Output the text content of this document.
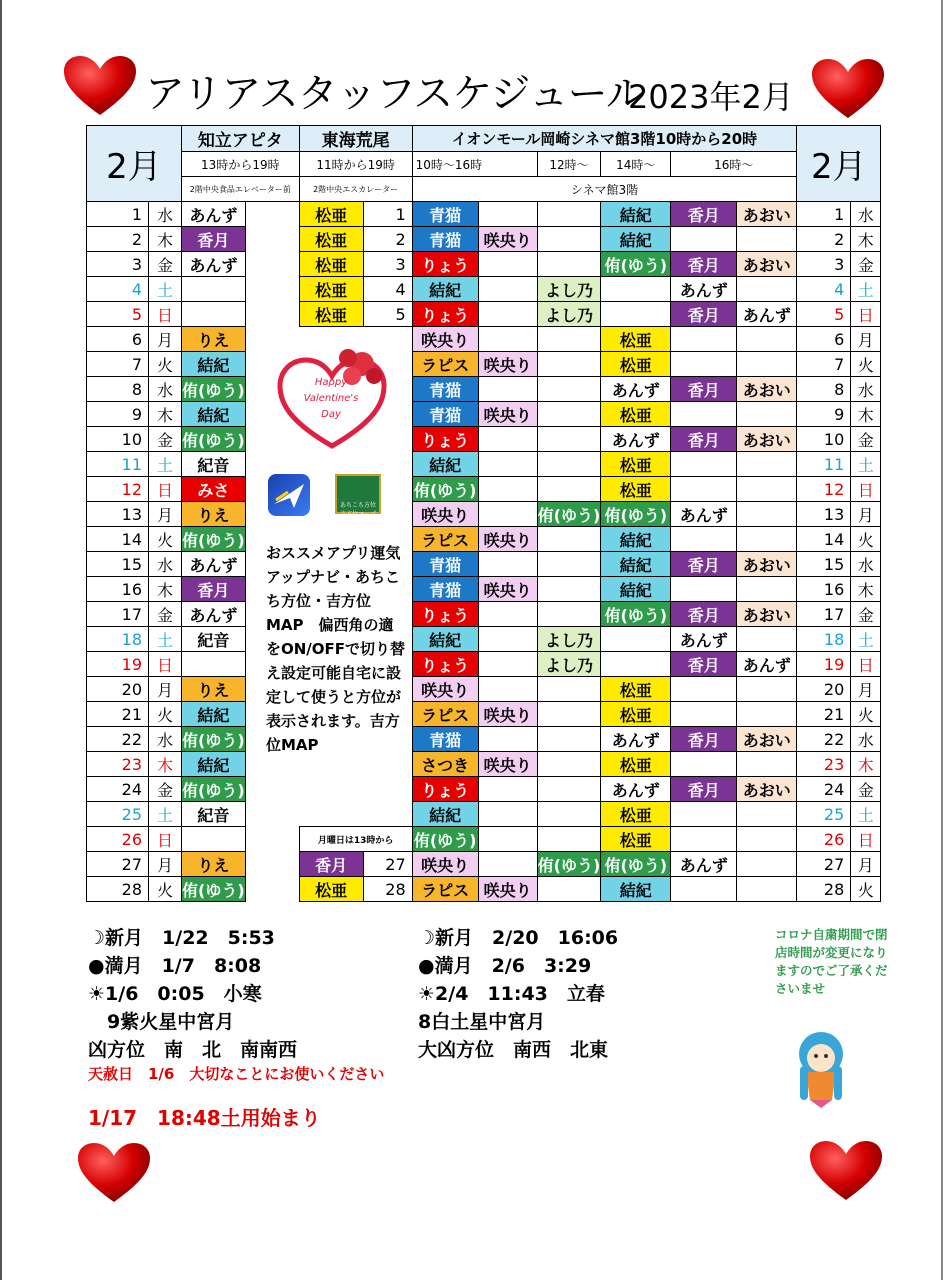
アリアスタッフスケジュール
2023年2月
2月		知立アピタ		東海荒尾		イオンモール岡崎シネマ館3階10時から20時						2月	
		13時から19時		11時から19時		10時～16時		12時～	14時～	16時～			
		2階中央食品エレベーター前		2階中央エスカレーター		シネマ館3階							
1	水	あんず		松亜	1	青猫			結紀	香月	あおい	1	水
2	木	香月		松亜	2	青猫	咲央り		結紀			2	木
3	金	あんず		松亜	3	りょう			侑(ゆう)	香月	あおい	3	金
4	土			松亜	4	結紀		よし乃		あんず		4	土
5	日			松亜	5	りょう		よし乃		香月	あんず	5	日
6	月	りえ				咲央り			松亜			6	月
7	火	結紀				ラピス	咲央り		松亜			7	火
8	水	侑(ゆう)				青猫			あんず	香月	あおい	8	水
9	木	結紀				青猫	咲央り		松亜			9	木
10	金	侑(ゆう)				りょう			あんず	香月	あおい	10	金
11	土	紀音				結紀			松亜			11	土
12	日	みさ				侑(ゆう)			松亜			12	日
13	月	りえ				咲央り		侑(ゆう)	侑(ゆう)	あんず		13	月
14	火	侑(ゆう)				ラピス	咲央り		結紀			14	火
15	水	あんず				青猫			結紀	香月	あおい	15	水
16	木	香月				青猫	咲央り		結紀			16	木
17	金	あんず				りょう			侑(ゆう)	香月	あおい	17	金
18	土	紀音				結紀		よし乃		あんず		18	土
19	日					りょう		よし乃		香月	あんず	19	日
20	月	りえ				咲央り			松亜			20	月
21	火	結紀				ラピス	咲央り		松亜			21	火
22	水	侑(ゆう)				青猫			あんず	香月	あおい	22	水
23	木	結紀				さつき	咲央り		松亜			23	木
24	金	侑(ゆう)				りょう			あんず	香月	あおい	24	金
25	土	紀音				結紀			松亜			25	土
26	日			月曜日は13時から		侑(ゆう)			松亜			26	日
27	月	りえ		香月	27	咲央り		侑(ゆう)	侑(ゆう)	あんず		27	月
28	火	侑(ゆう)		松亜	28	ラピス	咲央り		結紀			28	火
Happy Valentine's Day
あちこち方位 吉方位マップ
おススメアプリ運気アップナビ・あちこち方位・吉方位MAP　偏西角の適をON/OFFで切り替え設定可能自宅に設定して使うと方位が表示されます。吉方位MAP
☽新月　1/22　5:53
●満月　1/7　8:08
☀1/6　0:05　小寒
　9紫火星中宮月
凶方位　南　北　南南西
天赦日　1/6　大切なことにお使いください
1/17　18:48土用始まり
☽新月　2/20　16:06
●満月　2/6　3:29
☀2/4　11:43　立春
8白土星中宮月
大凶方位　南西　北東
コロナ自粛期間で閉店時間が変更になりますのでご了承くださいませ
